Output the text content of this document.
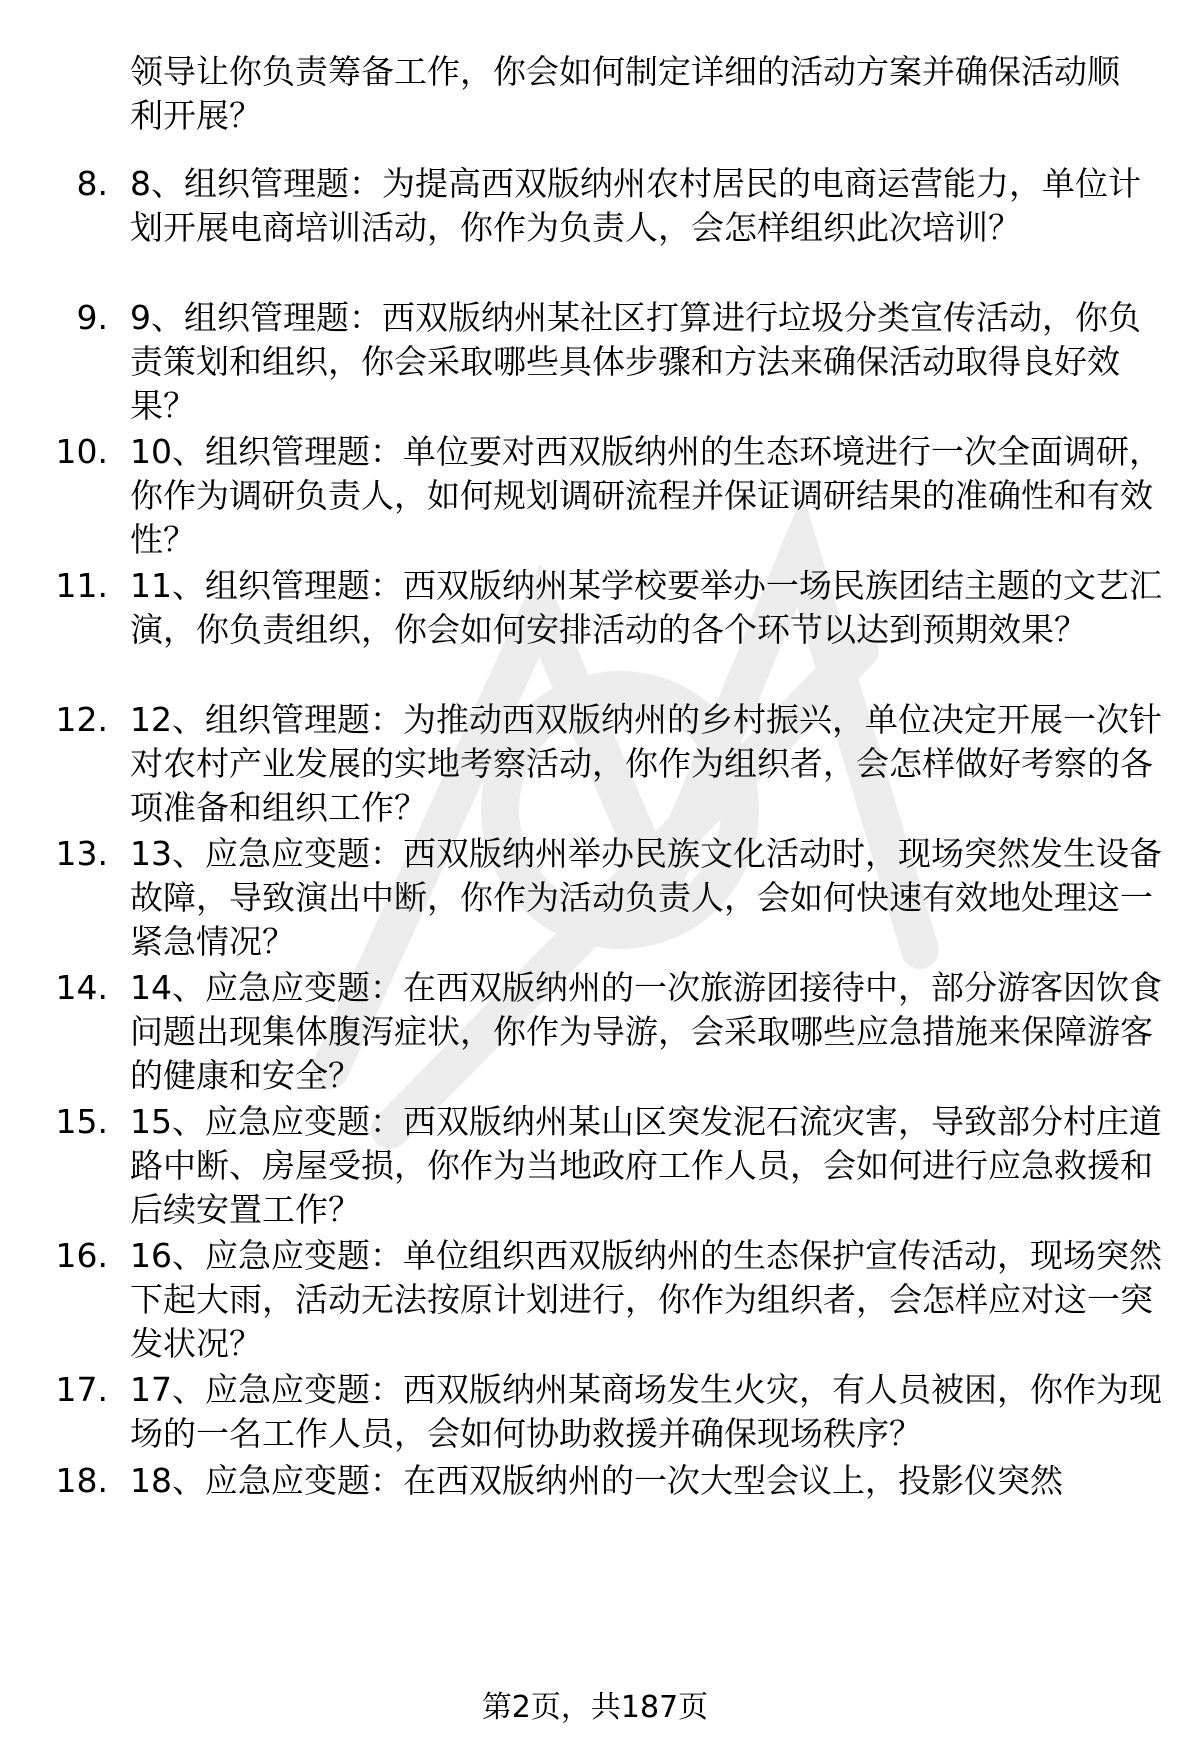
领导让你负责筹备工作，你会如何制定详细的活动方案并确保活动顺利开展？
8. 8、组织管理题：为提高西双版纳州农村居民的电商运营能力，单位计划开展电商培训活动，你作为负责人，会怎样组织此次培训？
9. 9、组织管理题：西双版纳州某社区打算进行垃圾分类宣传活动，你负责策划和组织，你会采取哪些具体步骤和方法来确保活动取得良好效果？
10. 10、组织管理题：单位要对西双版纳州的生态环境进行一次全面调研，你作为调研负责人，如何规划调研流程并保证调研结果的准确性和有效性？
11. 11、组织管理题：西双版纳州某学校要举办一场民族团结主题的文艺汇演，你负责组织，你会如何安排活动的各个环节以达到预期效果？
12. 12、组织管理题：为推动西双版纳州的乡村振兴，单位决定开展一次针对农村产业发展的实地考察活动，你作为组织者，会怎样做好考察的各项准备和组织工作？
13. 13、应急应变题：西双版纳州举办民族文化活动时，现场突然发生设备故障，导致演出中断，你作为活动负责人，会如何快速有效地处理这一紧急情况？
14. 14、应急应变题：在西双版纳州的一次旅游团接待中，部分游客因饮食问题出现集体腹泻症状，你作为导游，会采取哪些应急措施来保障游客的健康和安全？
15. 15、应急应变题：西双版纳州某山区突发泥石流灾害，导致部分村庄道路中断、房屋受损，你作为当地政府工作人员，会如何进行应急救援和后续安置工作？
16. 16、应急应变题：单位组织西双版纳州的生态保护宣传活动，现场突然下起大雨，活动无法按原计划进行，你作为组织者，会怎样应对这一突发状况？
17. 17、应急应变题：西双版纳州某商场发生火灾，有人员被困，你作为现场的一名工作人员，会如何协助救援并确保现场秩序？
18. 18、应急应变题：在西双版纳州的一次大型会议上，投影仪突然
第2页，共187页
